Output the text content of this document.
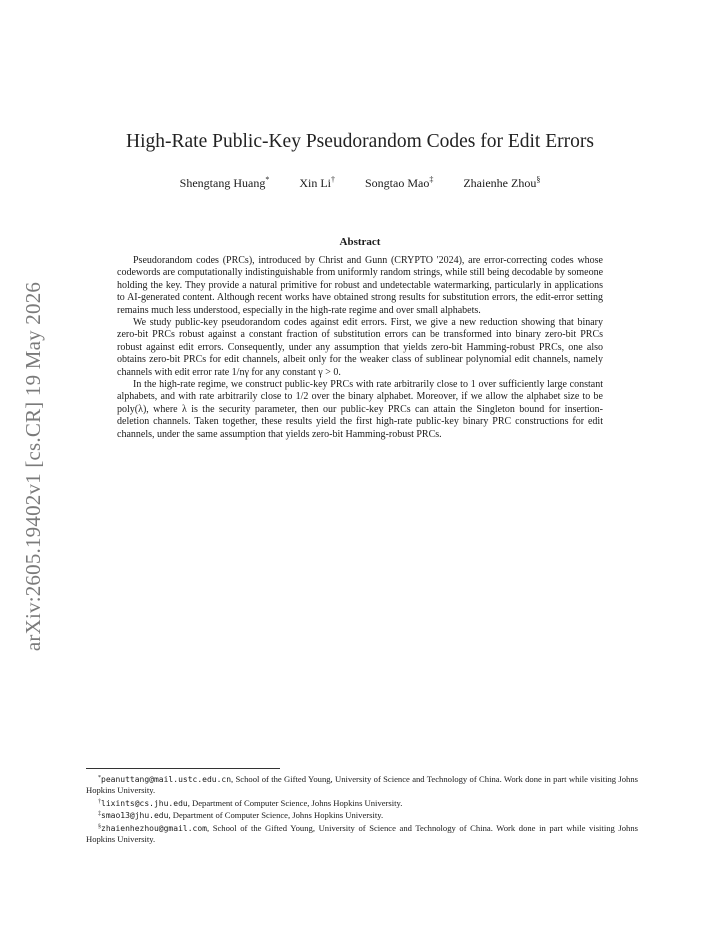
arXiv:2605.19402v1 [cs.CR] 19 May 2026
High-Rate Public-Key Pseudorandom Codes for Edit Errors
Shengtang Huang*	Xin Li†	Songtao Mao‡	Zhaienhe Zhou§
Abstract

Pseudorandom codes (PRCs), introduced by Christ and Gunn (CRYPTO '2024), are error-correcting codes whose codewords are computationally indistinguishable from uniformly random strings, while still being decodable by someone holding the key. They provide a natural primitive for robust and undetectable watermarking, particularly in applications to AI-generated content. Although recent works have obtained strong results for substitution errors, the edit-error setting remains much less understood, especially in the high-rate regime and over small alphabets.

We study public-key pseudorandom codes against edit errors. First, we give a new reduction showing that binary zero-bit PRCs robust against a constant fraction of substitution errors can be transformed into binary zero-bit PRCs robust against edit errors. Consequently, under any assumption that yields zero-bit Hamming-robust PRCs, one also obtains zero-bit PRCs for edit channels, albeit only for the weaker class of sublinear polynomial edit channels, namely channels with edit error rate 1/nγ for any constant γ > 0.

In the high-rate regime, we construct public-key PRCs with rate arbitrarily close to 1 over sufficiently large constant alphabets, and with rate arbitrarily close to 1/2 over the binary alphabet. Moreover, if we allow the alphabet size to be poly(λ), where λ is the security parameter, then our public-key PRCs can attain the Singleton bound for insertion-deletion channels. Taken together, these results yield the first high-rate public-key binary PRC constructions for edit channels, under the same assumption that yields zero-bit Hamming-robust PRCs.

*peanuttang@mail.ustc.edu.cn, School of the Gifted Young, University of Science and Technology of China. Work done in part while visiting Johns Hopkins University.

†lixints@cs.jhu.edu, Department of Computer Science, Johns Hopkins University.

‡smao13@jhu.edu, Department of Computer Science, Johns Hopkins University.

§zhaienhezhou@gmail.com, School of the Gifted Young, University of Science and Technology of China. Work done in part while visiting Johns Hopkins University.
